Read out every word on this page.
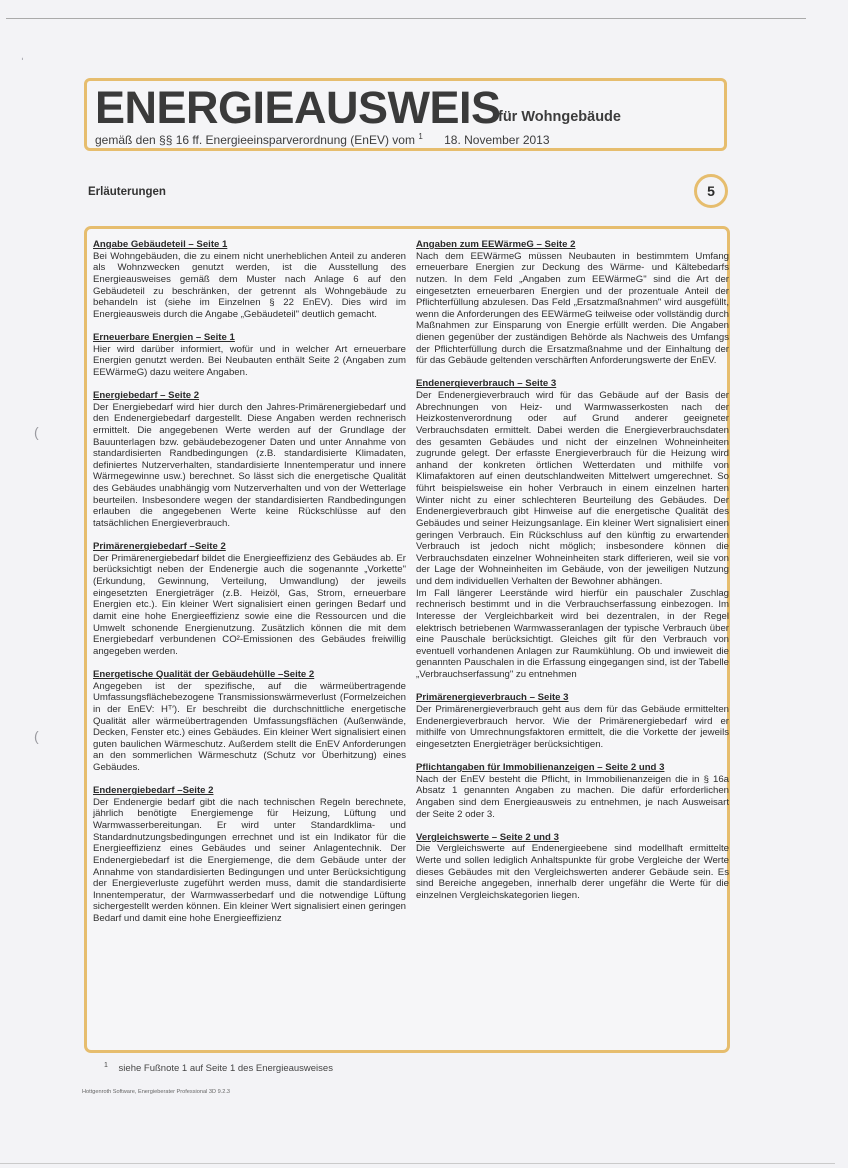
ˌ
(
(
ENERGIEAUSWEIS
für Wohngebäude
gemäß den §§ 16 ff. Energieeinsparverordnung (EnEV) vom $^1$ 18. November 2013
Erläuterungen	5
Angabe Gebäudeteil – Seite 1
Bei Wohngebäuden, die zu einem nicht unerheblichen Anteil zu anderen als Wohnzwecken genutzt werden, ist die Ausstellung des Energieausweises gemäß dem Muster nach Anlage 6 auf den Gebäudeteil zu beschränken, der getrennt als Wohngebäude zu behandeln ist (siehe im Einzelnen § 22 EnEV). Dies wird im Energieausweis durch die Angabe „Gebäudeteil" deutlich gemacht.
Erneuerbare Energien – Seite 1
Hier wird darüber informiert, wofür und in welcher Art erneuerbare Energien genutzt werden. Bei Neubauten enthält Seite 2 (Angaben zum EEWärmeG) dazu weitere Angaben.
Energiebedarf – Seite 2
Der Energiebedarf wird hier durch den Jahres-Primärenergiebedarf und den Endenergiebedarf dargestellt. Diese Angaben werden rechnerisch ermittelt. Die angegebenen Werte werden auf der Grundlage der Bauunterlagen bzw. gebäudebezogener Daten und unter Annahme von standardisierten Randbedingungen (z.B. standardisierte Klimadaten, definiertes Nutzerverhalten, standardisierte Innentemperatur und innere Wärmegewinne usw.) berechnet. So lässt sich die energetische Qualität des Gebäudes unabhängig vom Nutzerverhalten und von der Wetterlage beurteilen. Insbesondere wegen der standardisierten Randbedingungen erlauben die angegebenen Werte keine Rückschlüsse auf den tatsächlichen Energieverbrauch.
Primärenergiebedarf –Seite 2
Der Primärenergiebedarf bildet die Energieeffizienz des Gebäudes ab. Er berücksichtigt neben der Endenergie auch die sogenannte „Vorkette" (Erkundung, Gewinnung, Verteilung, Umwandlung) der jeweils eingesetzten Energieträger (z.B. Heizöl, Gas, Strom, erneuerbare Energien etc.). Ein kleiner Wert signalisiert einen geringen Bedarf und damit eine hohe Energieeffizienz sowie eine die Ressourcen und die Umwelt schonende Energienutzung. Zusätzlich können die mit dem Energiebedarf verbundenen CO²-Emissionen des Gebäudes freiwillig angegeben werden.
Energetische Qualität der Gebäudehülle –Seite 2
Angegeben ist der spezifische, auf die wärmeübertragende Umfassungsflächebezogene Transmissionswärmeverlust (Formelzeichen in der EnEV: Hᵀ′). Er beschreibt die durchschnittliche energetische Qualität aller wärmeübertragenden Umfassungsflächen (Außenwände, Decken, Fenster etc.) eines Gebäudes. Ein kleiner Wert signalisiert einen guten baulichen Wärmeschutz. Außerdem stellt die EnEV Anforderungen an den sommerlichen Wärmeschutz (Schutz vor Überhitzung) eines Gebäudes.
Endenergiebedarf –Seite 2
Der Endenergie bedarf gibt die nach technischen Regeln berechnete, jährlich benötigte Energiemenge für Heizung, Lüftung und Warmwasserbereitungan. Er wird unter Standardklima- und Standardnutzungsbedingungen errechnet und ist ein Indikator für die Energieeffizienz eines Gebäudes und seiner Anlagentechnik. Der Endenergiebedarf ist die Energiemenge, die dem Gebäude unter der Annahme von standardisierten Bedingungen und unter Berücksichtigung der Energieverluste zugeführt werden muss, damit die standardisierte Innentemperatur, der Warmwasserbedarf und die notwendige Lüftung sichergestellt werden können. Ein kleiner Wert signalisiert einen geringen Bedarf und damit eine hohe Energieeffizienz
Angaben zum EEWärmeG – Seite 2
Nach dem EEWärmeG müssen Neubauten in bestimmtem Umfang erneuerbare Energien zur Deckung des Wärme- und Kältebedarfs nutzen. In dem Feld „Angaben zum EEWärmeG" sind die Art der eingesetzten erneuerbaren Energien und der prozentuale Anteil der Pflichterfüllung abzulesen. Das Feld „Ersatzmaßnahmen" wird ausgefüllt, wenn die Anforderungen des EEWärmeG teilweise oder vollständig durch Maßnahmen zur Einsparung von Energie erfüllt werden. Die Angaben dienen gegenüber der zuständigen Behörde als Nachweis des Umfangs der Pflichterfüllung durch die Ersatzmaßnahme und der Einhaltung der für das Gebäude geltenden verschärften Anforderungswerte der EnEV.
Endenergieverbrauch – Seite 3
Der Endenergieverbrauch wird für das Gebäude auf der Basis der Abrechnungen von Heiz- und Warmwasserkosten nach der Heizkostenverordnung oder auf Grund anderer geeigneter Verbrauchsdaten ermittelt. Dabei werden die Energieverbrauchsdaten des gesamten Gebäudes und nicht der einzelnen Wohneinheiten zugrunde gelegt. Der erfasste Energieverbrauch für die Heizung wird anhand der konkreten örtlichen Wetterdaten und mithilfe von Klimafaktoren auf einen deutschlandweiten Mittelwert umgerechnet. So führt beispielsweise ein hoher Verbrauch in einem einzelnen harten Winter nicht zu einer schlechteren Beurteilung des Gebäudes. Der Endenergieverbrauch gibt Hinweise auf die energetische Qualität des Gebäudes und seiner Heizungsanlage. Ein kleiner Wert signalisiert einen geringen Verbrauch. Ein Rückschluss auf den künftig zu erwartenden Verbrauch ist jedoch nicht möglich; insbesondere können die Verbrauchsdaten einzelner Wohneinheiten stark differieren, weil sie von der Lage der Wohneinheiten im Gebäude, von der jeweiligen Nutzung und dem individuellen Verhalten der Bewohner abhängen.
Im Fall längerer Leerstände wird hierfür ein pauschaler Zuschlag rechnerisch bestimmt und in die Verbrauchserfassung einbezogen. Im Interesse der Vergleichbarkeit wird bei dezentralen, in der Regel elektrisch betriebenen Warmwasseranlagen der typische Verbrauch über eine Pauschale berücksichtigt. Gleiches gilt für den Verbrauch von eventuell vorhandenen Anlagen zur Raumkühlung. Ob und inwieweit die genannten Pauschalen in die Erfassung eingegangen sind, ist der Tabelle „Verbrauchserfassung" zu entnehmen
Primärenergieverbrauch – Seite 3
Der Primärenergieverbrauch geht aus dem für das Gebäude ermittelten Endenergieverbrauch hervor. Wie der Primärenergiebedarf wird er mithilfe von Umrechnungsfaktoren ermittelt, die die Vorkette der jeweils eingesetzten Energieträger berücksichtigen.
Pflichtangaben für Immobilienanzeigen – Seite 2 und 3
Nach der EnEV besteht die Pflicht, in Immobilienanzeigen die in § 16a Absatz 1 genannten Angaben zu machen. Die dafür erforderlichen Angaben sind dem Energieausweis zu entnehmen, je nach Ausweisart der Seite 2 oder 3.
Vergleichswerte – Seite 2 und 3
Die Vergleichswerte auf Endenergieebene sind modellhaft ermittelte Werte und sollen lediglich Anhaltspunkte für grobe Vergleiche der Werte dieses Gebäudes mit den Vergleichswerten anderer Gebäude sein. Es sind Bereiche angegeben, innerhalb derer ungefähr die Werte für die einzelnen Vergleichskategorien liegen.
$^1$ siehe Fußnote 1 auf Seite 1 des Energieausweises
Hottgenroth Software, Energieberater Professional 3D 9.2.3
